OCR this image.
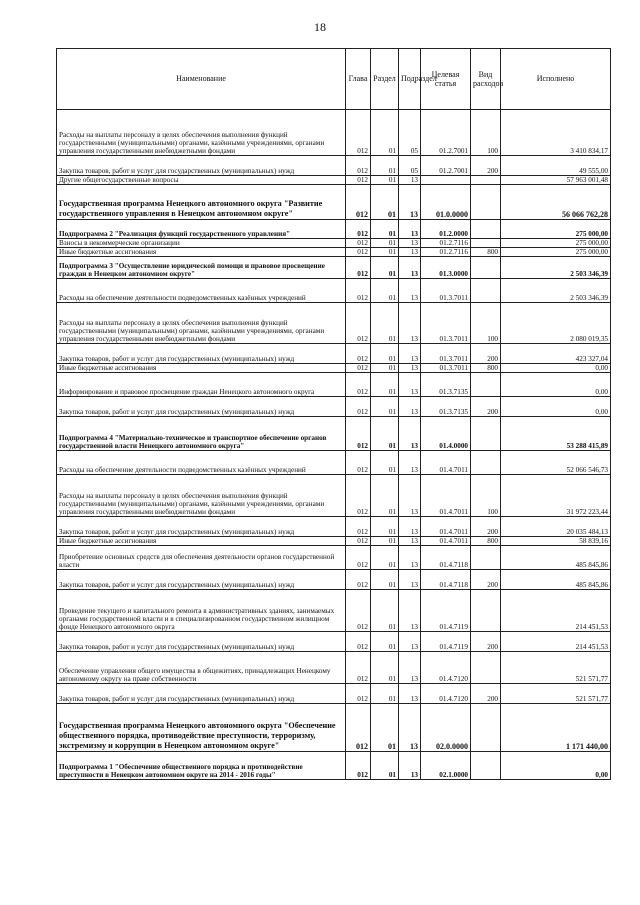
18
Наименование	Глава	Раздел	Подраздел	Целевая статья	Вид расходов	Исполнено
Расходы на выплаты персоналу в целях обеспечения выполнения функций государственными (муниципальными) органами, казёнными учреждениями, органами управления государственными внебюджетными фондами	012	01	05	01.2.7001	100	3 410 834,17
Закупка товаров, работ и услуг для государственных (муниципальных) нужд	012	01	05	01.2.7001	200	49 555,00
Другие общегосударственные вопросы	012	01	13			57 963 001,48
Государственная программа Ненецкого автономного округа "Развитие государственного управления в Ненецком автономном округе"	012	01	13	01.0.0000		56 066 762,28
Подпрограмма 2 "Реализация функций государственного управления"	012	01	13	01.2.0000		275 000,00
Взносы в некоммерческие организации	012	01	13	01.2.7116		275 000,00
Иные бюджетные ассигнования	012	01	13	01.2.7116	800	275 000,00
Подпрограмма 3 "Осуществление юридической помощи и правовое просвещение граждан в Ненецком автономном округе"	012	01	13	01.3.0000		2 503 346,39
Расходы на обеспечение деятельности подведомственных казённых учреждений	012	01	13	01.3.7011		2 503 346,39
Расходы на выплаты персоналу в целях обеспечения выполнения функций государственными (муниципальными) органами, казёнными учреждениями, органами управления государственными внебюджетными фондами	012	01	13	01.3.7011	100	2 080 019,35
Закупка товаров, работ и услуг для государственных (муниципальных) нужд	012	01	13	01.3.7011	200	423 327,04
Иные бюджетные ассигнования	012	01	13	01.3.7011	800	0,00
Информирование и правовое просвещение граждан Ненецкого автономного округа	012	01	13	01.3.7135		0,00
Закупка товаров, работ и услуг для государственных (муниципальных) нужд	012	01	13	01.3.7135	200	0,00
Подпрограмма 4 "Материально-техническое и транспортное обеспечение органов государственной власти Ненецкого автономного округа"	012	01	13	01.4.0000		53 288 415,89
Расходы на обеспечение деятельности подведомственных казённых учреждений	012	01	13	01.4.7011		52 066 546,73
Расходы на выплаты персоналу в целях обеспечения выполнения функций государственными (муниципальными) органами, казёнными учреждениями, органами управления государственными внебюджетными фондами	012	01	13	01.4.7011	100	31 972 223,44
Закупка товаров, работ и услуг для государственных (муниципальных) нужд	012	01	13	01.4.7011	200	20 035 484,13
Иные бюджетные ассигнования	012	01	13	01.4.7011	800	58 839,16
Приобретение основных средств для обеспечения деятельности органов государственной власти	012	01	13	01.4.7118		485 845,86
Закупка товаров, работ и услуг для государственных (муниципальных) нужд	012	01	13	01.4.7118	200	485 845,86
Проведение текущего и капитального ремонта в административных зданиях, занимаемых органами государственной власти и в специализированном государственном жилищном фонде Ненецкого автономного округа	012	01	13	01.4.7119		214 451,53
Закупка товаров, работ и услуг для государственных (муниципальных) нужд	012	01	13	01.4.7119	200	214 451,53
Обеспечение управления общего имущества в общежитиях, принадлежащих Ненецкому автономному округу на праве собственности	012	01	13	01.4.7120		521 571,77
Закупка товаров, работ и услуг для государственных (муниципальных) нужд	012	01	13	01.4.7120	200	521 571,77
Государственная программа Ненецкого автономного округа "Обеспечение общественного порядка, противодействие преступности, терроризму, экстремизму и коррупции в Ненецком автономном округе"	012	01	13	02.0.0000		1 171 440,00
Подпрограмма 1 "Обеспечение общественного порядка и противодействие преступности в Ненецком автономном округе на 2014 - 2016 годы"	012	01	13	02.1.0000		0,00
